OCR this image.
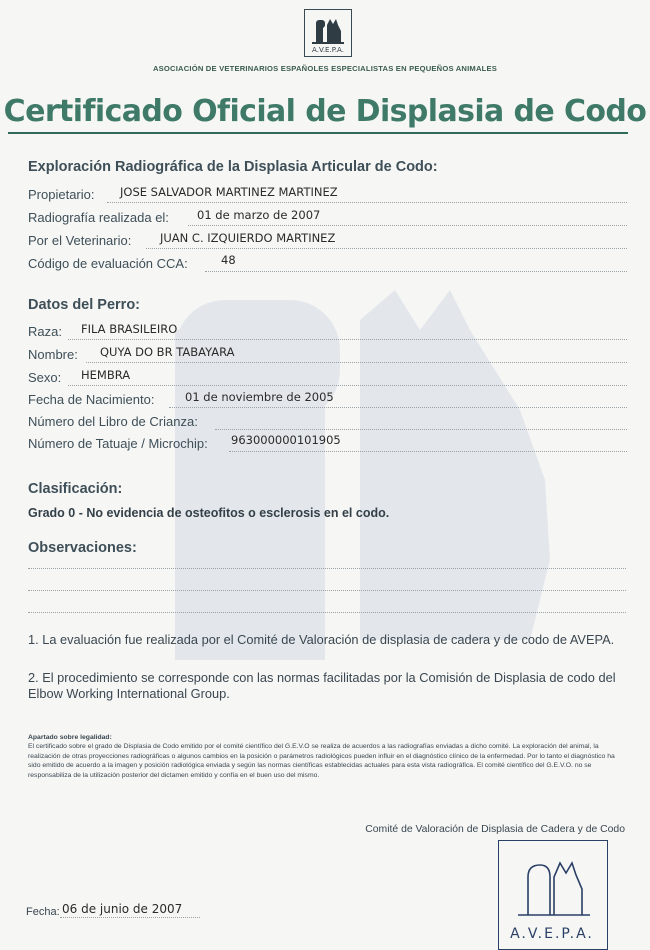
A.V.E.P.A.
ASOCIACIÓN DE VETERINARIOS ESPAÑOLES ESPECIALISTAS EN PEQUEÑOS ANIMALES
Certificado Oficial de Displasia de Codo
Exploración Radiográfica de la Displasia Articular de Codo:
Propietario: JOSE SALVADOR MARTINEZ MARTINEZ
Radiografía realizada el: 01 de marzo de 2007
Por el Veterinario: JUAN C. IZQUIERDO MARTINEZ
Código de evaluación CCA:	48
Datos del Perro:
Raza: FILA BRASILEIRO
Nombre: QUYA DO BR TABAYARA
Sexo: HEMBRA
Fecha de Nacimiento:	01 de noviembre de 2005
Número del Libro de Crianza:
Número de Tatuaje / Microchip: 963000000101905
Clasificación:
Grado 0 - No evidencia de osteofitos o esclerosis en el codo.
Observaciones:
1. La evaluación fue realizada por el Comité de Valoración de displasia de cadera y de codo de AVEPA.
2. El procedimiento se corresponde con las normas facilitadas por la Comisión de Displasia de codo del Elbow Working International Group.
Apartado sobre legalidad:
El certificado sobre el grado de Displasia de Codo emitido por el comité científico del G.E.V.O se realiza de acuerdos a las radiografías enviadas a dicho comité. La exploración del animal, la realización de otras proyecciones radiográficas o algunos cambios en la posición o parámetros radiológicos pueden influir en el diagnóstico clínico de la enfermedad. Por lo tanto el diagnóstico ha sido emitido de acuerdo a la imagen y posición radiológica enviada y según las normas científicas establecidas actuales para esta vista radiográfica. El comité científico del G.E.V.O. no se responsabiliza de la utilización posterior del dictamen emitido y confía en el buen uso del mismo.
Comité de Valoración de Displasia de Cadera y de Codo
A.V.E.P.A.
Fecha: 06 de junio de 2007
